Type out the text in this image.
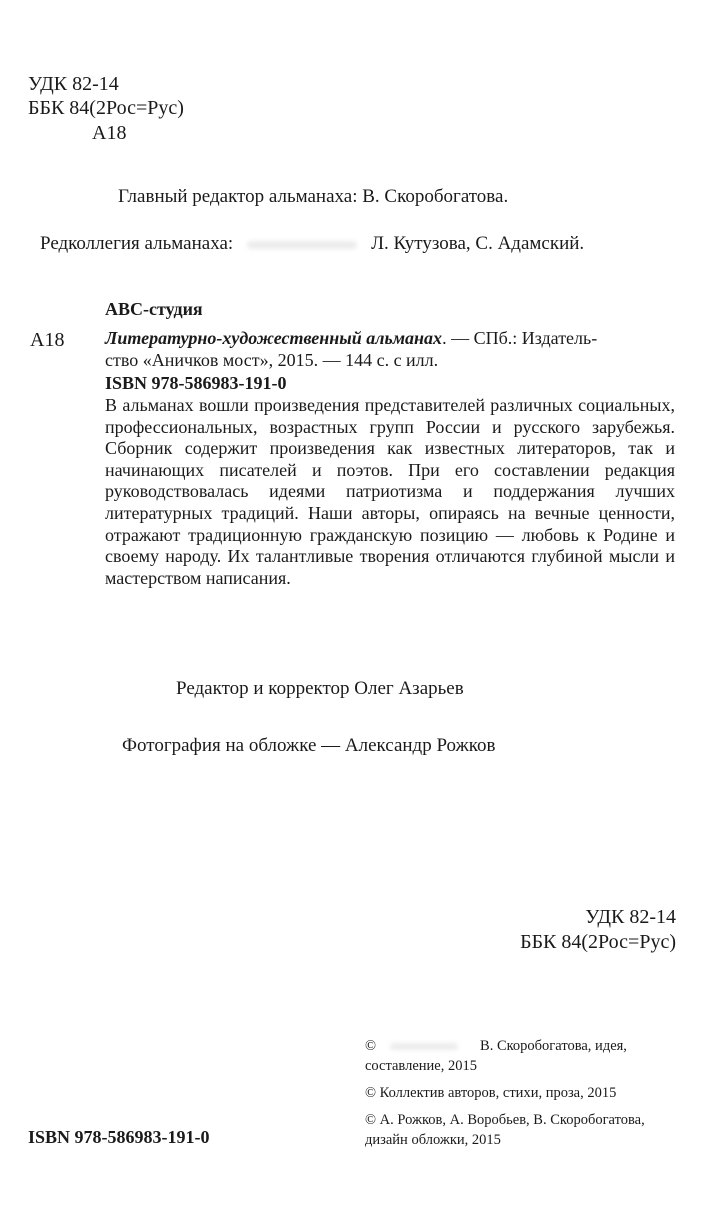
УДК 82-14
ББК 84(2Рос=Рус)
А18
Главный редактор альманаха: В. Скоробогатова.
Редколлегия альманаха:	Л. Кутузова, С. Адамский.
АВС-студия
А18 Литературно-художественный альманах. — СПб.: Издатель-
ство «Аничков мост», 2015. — 144 с. с илл.
ISBN 978-586983-191-0
В альманах вошли произведения представителей различных социальных, профессиональных, возрастных групп России и русского зарубежья. Сборник содержит произведения как известных литераторов, так и начинающих писателей и поэтов. При его составлении редакция руководствовалась идеями патриотизма и поддержания лучших литературных традиций. Наши авторы, опираясь на вечные ценности, отражают традиционную гражданскую позицию — любовь к Родине и своему народу. Их талантливые творения отличаются глубиной мысли и мастерством написания.
Редактор и корректор Олег Азарьев
Фотография на обложке — Александр Рожков
УДК 82-14
ББК 84(2Рос=Рус)
©	В. Скоробогатова, идея, составление, 2015
© Коллектив авторов, стихи, проза, 2015
© А. Рожков, А. Воробьев, В. Скоробогатова, дизайн обложки, 2015
ISBN 978-586983-191-0
